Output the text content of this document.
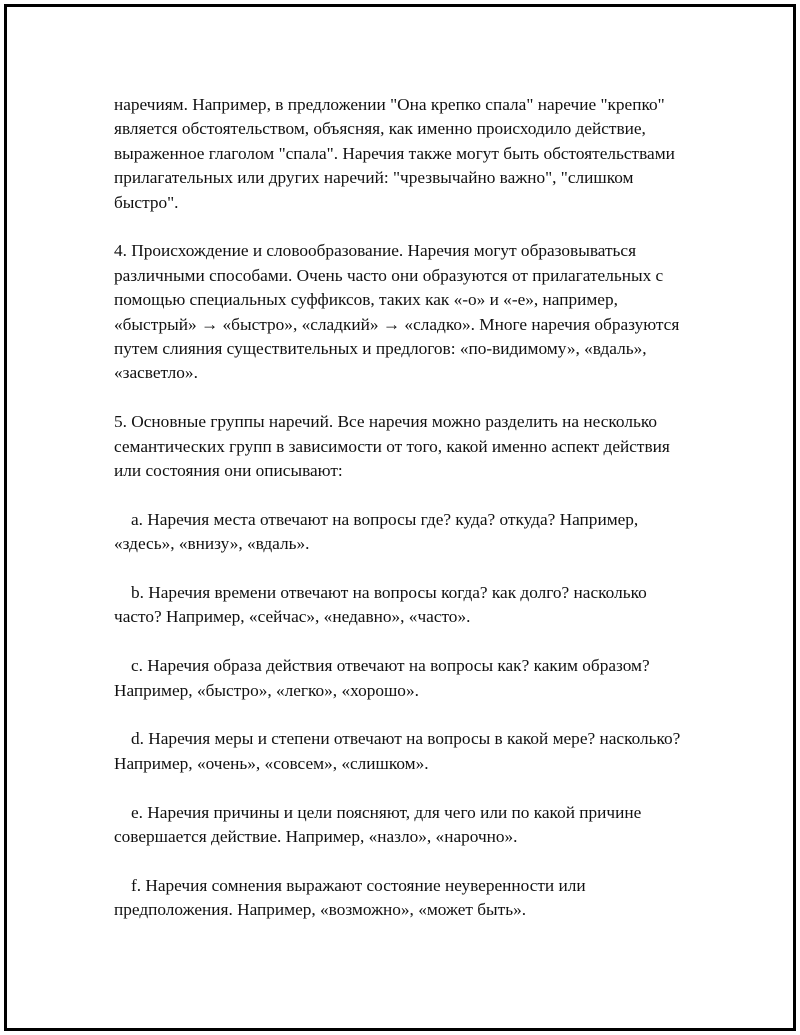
наречиям. Например, в предложении "Она крепко спала" наречие "крепко" является обстоятельством, объясняя, как именно происходило действие, выраженное глаголом "спала". Наречия также могут быть обстоятельствами прилагательных или других наречий: "чрезвычайно важно", "слишком быстро".

4. Происхождение и словообразование. Наречия могут образовываться различными способами. Очень часто они образуются от прилагательных с помощью специальных суффиксов, таких как «-о» и «-е», например, «быстрый» → «быстро», «сладкий» → «сладко». Многе наречия образуются путем слияния существительных и предлогов: «по-видимому», «вдаль», «засветло».

5. Основные группы наречий. Все наречия можно разделить на несколько семантических групп в зависимости от того, какой именно аспект действия или состояния они описывают:

a. Наречия места отвечают на вопросы где? куда? откуда? Например, «здесь», «внизу», «вдаль».

b. Наречия времени отвечают на вопросы когда? как долго? насколько часто? Например, «сейчас», «недавно», «часто».

c. Наречия образа действия отвечают на вопросы как? каким образом? Например, «быстро», «легко», «хорошо».

d. Наречия меры и степени отвечают на вопросы в какой мере? насколько? Например, «очень», «совсем», «слишком».

e. Наречия причины и цели поясняют, для чего или по какой причине совершается действие. Например, «назло», «нарочно».

f. Наречия сомнения выражают состояние неуверенности или предположения. Например, «возможно», «может быть».
